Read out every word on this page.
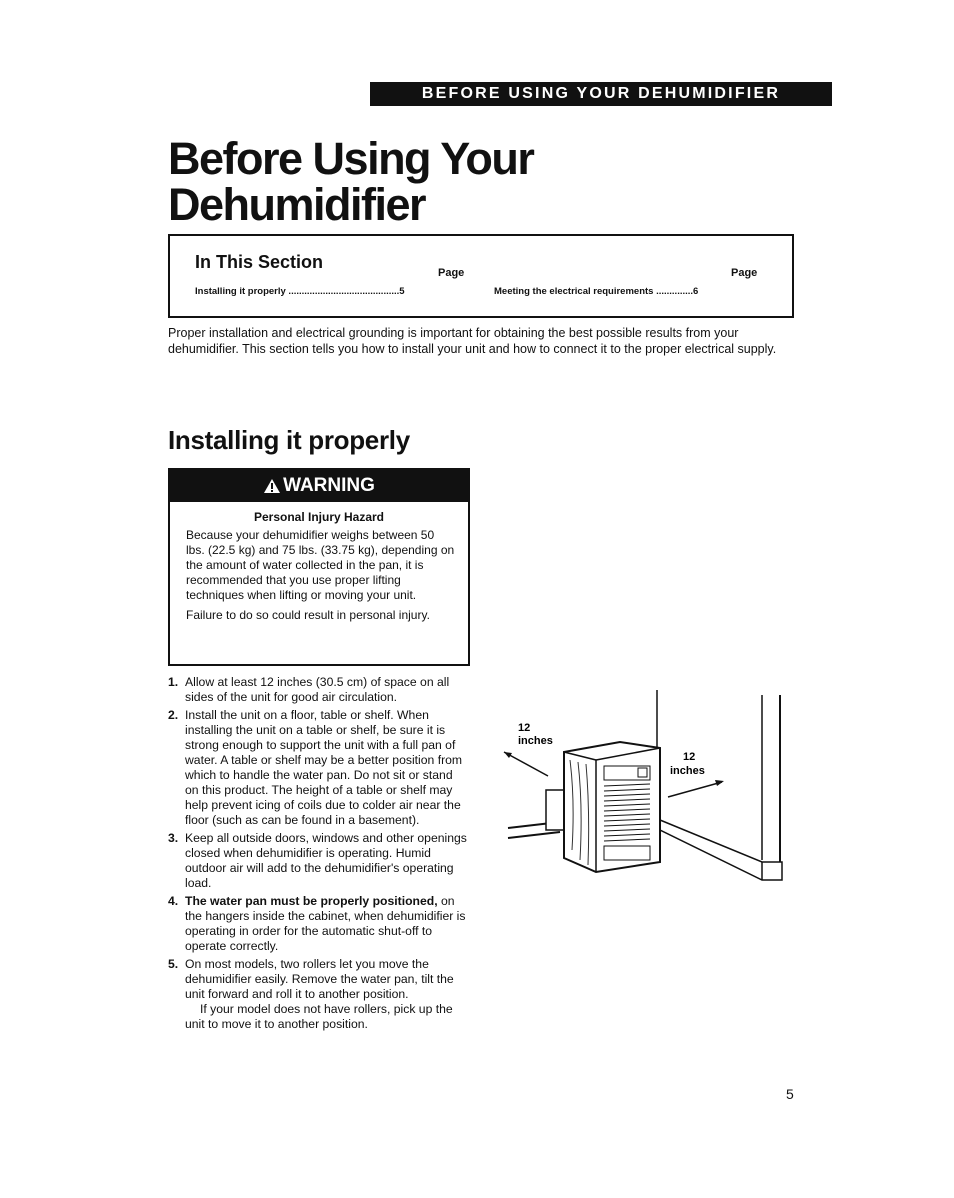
BEFORE USING YOUR DEHUMIDIFIER
Before Using Your
Dehumidifier
In This Section
Page	Page
Installing it properly ..........................................5	Meeting the electrical requirements ..............6

Proper installation and electrical grounding is important for obtaining the best possible results from your dehumidifier. This section tells you how to install your unit and how to connect it to the proper electrical supply.

Installing it properly
WARNING
Personal Injury Hazard

Because your dehumidifier weighs between 50 lbs. (22.5 kg) and 75 lbs. (33.75 kg), depending on the amount of water collected in the pan, it is recommended that you use proper lifting techniques when lifting or moving your unit.

Failure to do so could result in personal injury.

1. Allow at least 12 inches (30.5 cm) of space on all sides of the unit for good air circulation.
2. Install the unit on a floor, table or shelf. When installing the unit on a table or shelf, be sure it is strong enough to support the unit with a full pan of water. A table or shelf may be a better position from which to handle the water pan. Do not sit or stand on this product. The height of a table or shelf may help prevent icing of coils due to colder air near the floor (such as can be found in a basement).
3. Keep all outside doors, windows and other openings closed when dehumidifier is operating. Humid outdoor air will add to the dehumidifier's operating load.
4. The water pan must be properly positioned, on the hangers inside the cabinet, when dehumidifier is operating in order for the automatic shut-off to operate correctly.
5. On most models, two rollers let you move the dehumidifier easily. Remove the water pan, tilt the unit forward and roll it to another position.
If your model does not have rollers, pick up the unit to move it to another position.
12
inches
12
inches
5
